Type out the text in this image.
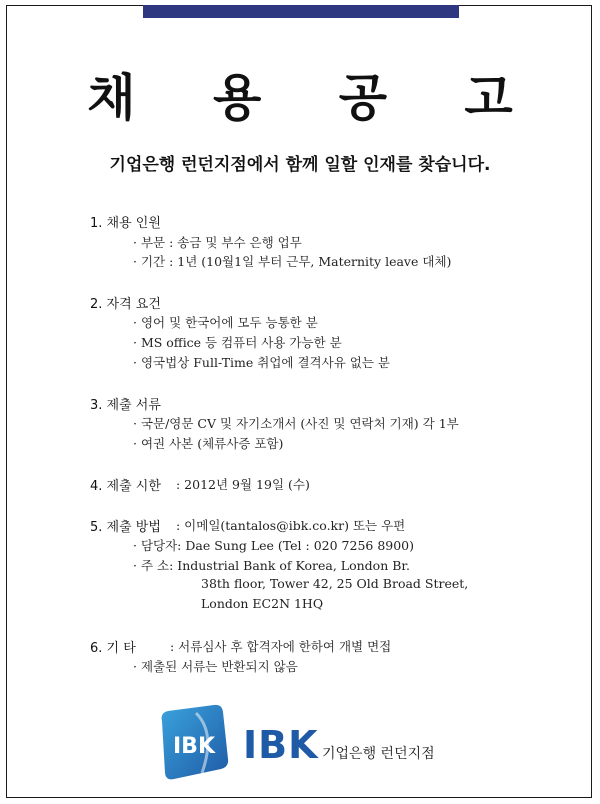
채 용 공 고
기업은행 런던지점에서 함께 일할 인재를 찾습니다.
1. 채용 인원
· 부문 : 송금 및 부수 은행 업무
· 기간 : 1년 (10월1일 부터 근무, Maternity leave 대체)
2. 자격 요건
· 영어 및 한국어에 모두 능통한 분
· MS office 등 컴퓨터 사용 가능한 분
· 영국법상 Full-Time 취업에 결격사유 없는 분
3. 제출 서류
· 국문/영문 CV 및 자기소개서 (사진 및 연락처 기재) 각 1부
· 여권 사본 (체류사증 포함)
4. 제출 시한 : 2012년 9월 19일 (수)
5. 제출 방법 : 이메일(tantalos@ibk.co.kr) 또는 우편
· 담당자: Dae Sung Lee (Tel : 020 7256 8900)
· 주 소: Industrial Bank of Korea, London Br.
38th floor, Tower 42, 25 Old Broad Street,
London EC2N 1HQ
6. 기 타	: 서류심사 후 합격자에 한하여 개별 면접
· 제출된 서류는 반환되지 않음
IBK IBK 기업은행 런던지점
